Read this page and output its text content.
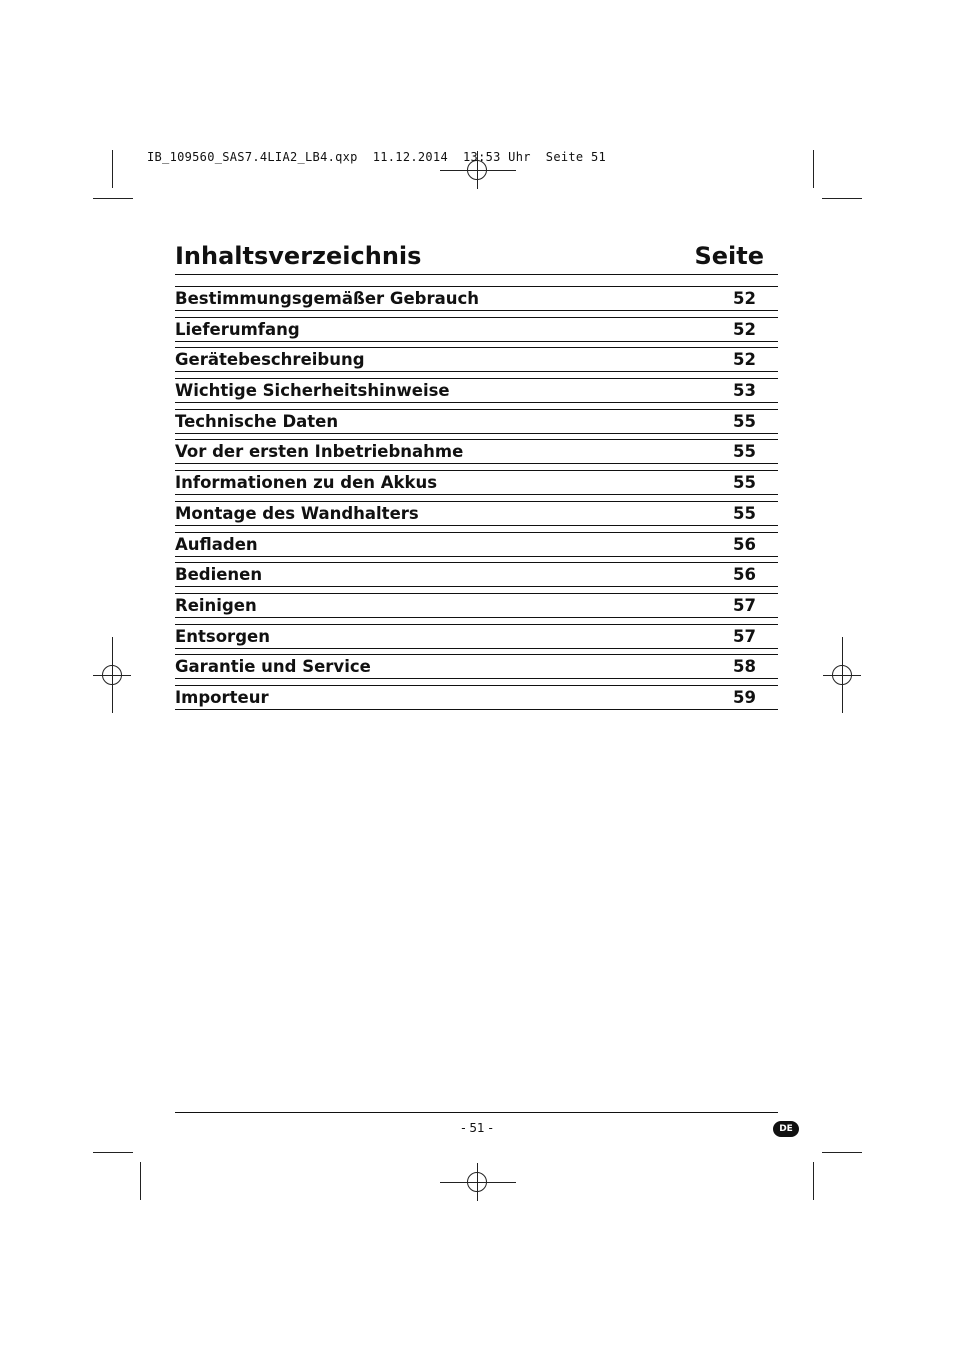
IB_109560_SAS7.4LIA2_LB4.qxp  11.12.2014  13:53 Uhr  Seite 51
Inhaltsverzeichnis	Seite
Bestimmungsgemäßer Gebrauch	52
Lieferumfang	52
Gerätebeschreibung	52
Wichtige Sicherheitshinweise	53
Technische Daten	55
Vor der ersten Inbetriebnahme	55
Informationen zu den Akkus	55
Montage des Wandhalters	55
Aufladen	56
Bedienen	56
Reinigen	57
Entsorgen	57
Garantie und Service	58
Importeur	59
- 51 -	DE
